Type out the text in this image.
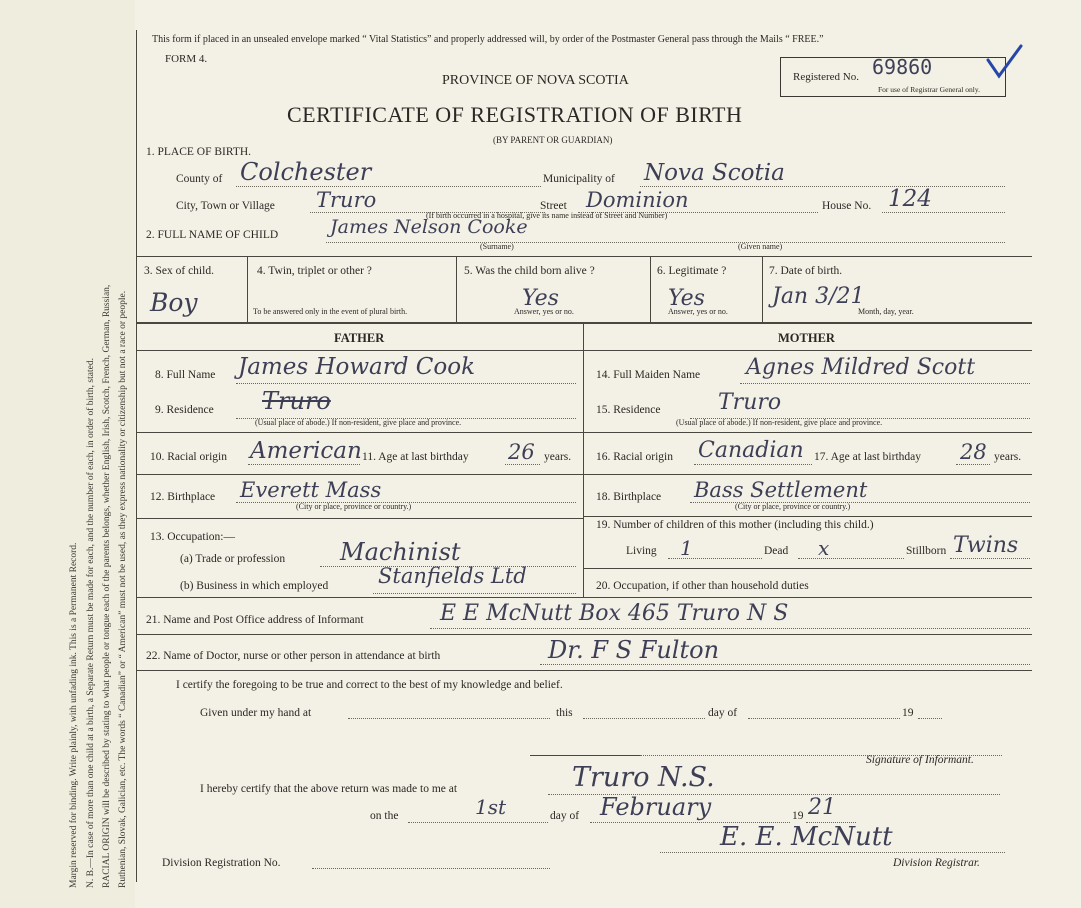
Margin reserved for binding. Write plainly, with unfading ink. This is a Permanent Record. N. B.—In case of more than one child at a birth, a Separate Return must be made for each, and the number of each, in order of birth, stated. RACIAL ORIGIN will be described by stating to what people or tongue each of the parents belongs, whether English, Irish, Scotch, French, German, Russian, Ruthenian, Slovak, Galician, etc. The words “ Canadian” or “ American” must not be used, as they express nationality or citizenship but not a race or people.
This form if placed in an unsealed envelope marked “ Vital Statistics” and properly addressed will, by order of the Postmaster General pass through the Mails “ FREE.”
FORM 4.
PROVINCE OF NOVA SCOTIA
CERTIFICATE OF REGISTRATION OF BIRTH
(BY PARENT OR GUARDIAN)
Registered No. 69860
For use of Registrar General only.
1. PLACE OF BIRTH.
County of Colchester	Municipality of Nova Scotia
City, Town or Village Truro	Street Dominion	House No. 124
(If birth occurred in a hospital, give its name instead of Street and Number)
2. FULL NAME OF CHILD	James Nelson Cooke
(Surname)	(Given name)
3. Sex of child.
Boy
4. Twin, triplet or other ?
To be answered only in the event of plural birth.
5. Was the child born alive ?
Yes
Answer, yes or no.
6. Legitimate ?
Yes
Answer, yes or no.
7. Date of birth.
Jan 3/21
Month, day, year.
FATHER
8. Full Name James Howard Cook
9. Residence Truro
(Usual place of abode.) If non-resident, give place and province.
10. Racial origin American 11. Age at last birthday 26 years.
12. Birthplace Everett Mass
(City or place, province or country.)
13. Occupation:—
(a) Trade or profession Machinist
(b) Business in which employed Stanfields Ltd
MOTHER
14. Full Maiden Name Agnes Mildred Scott
15. Residence	Truro
(Usual place of abode.) If non-resident, give place and province.
16. Racial origin Canadian 17. Age at last birthday 28 years.
18. Birthplace Bass Settlement
(City or place, province or country.)
19. Number of children of this mother (including this child.)
Living 1	Dead x	Stillborn Twins
20. Occupation, if other than household duties
21. Name and Post Office address of Informant	E E McNutt Box 465 Truro N S
22. Name of Doctor, nurse or other person in attendance at birth	Dr. F S Fulton
I certify the foregoing to be true and correct to the best of my knowledge and belief.
Given under my hand at	this	day of	19
Signature of Informant.
I hereby certify that the above return was made to me at	Truro N.S.
on the	1st	day of February	19 21
E. E. McNutt
Division Registration No.	Division Registrar.
